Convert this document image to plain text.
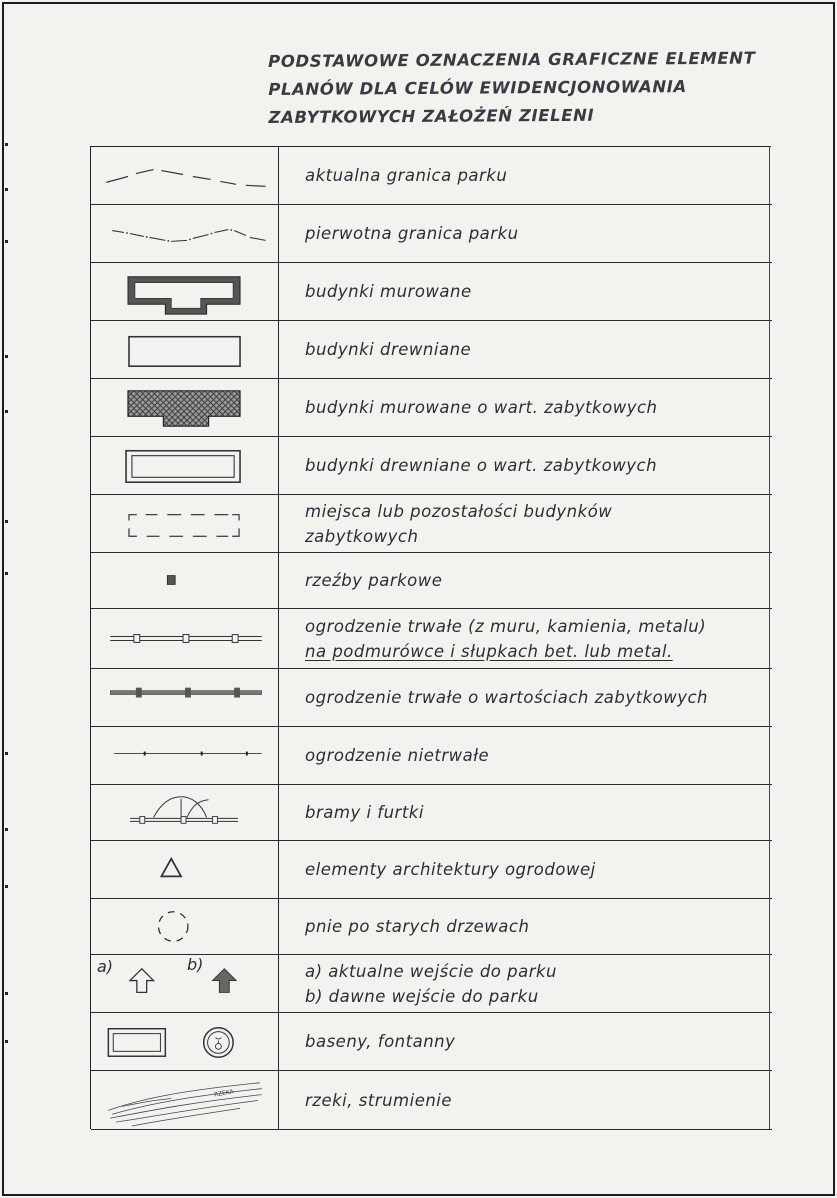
PODSTAWOWE OZNACZENIA GRAFICZNE ELEMENT
PLANÓW DLA CELÓW EWIDENCJONOWANIA
ZABYTKOWYCH ZAŁOŻEŃ ZIELENI
aktualna granica parku
pierwotna granica parku
budynki murowane
budynki drewniane
budynki murowane o wart. zabytkowych
budynki drewniane o wart. zabytkowych
miejsca lub pozostałości budynków
zabytkowych
rzeźby parkowe
ogrodzenie trwałe (z muru, kamienia, metalu)
na podmurówce i słupkach bet. lub metal.
ogrodzenie trwałe o wartościach zabytkowych
ogrodzenie nietrwałe
bramy i furtki
elementy architektury ogrodowej
pnie po starych drzewach
a)	b)	a) aktualne wejście do parku
b) dawne wejście do parku
baseny, fontanny
RZEKA	rzeki, strumienie
